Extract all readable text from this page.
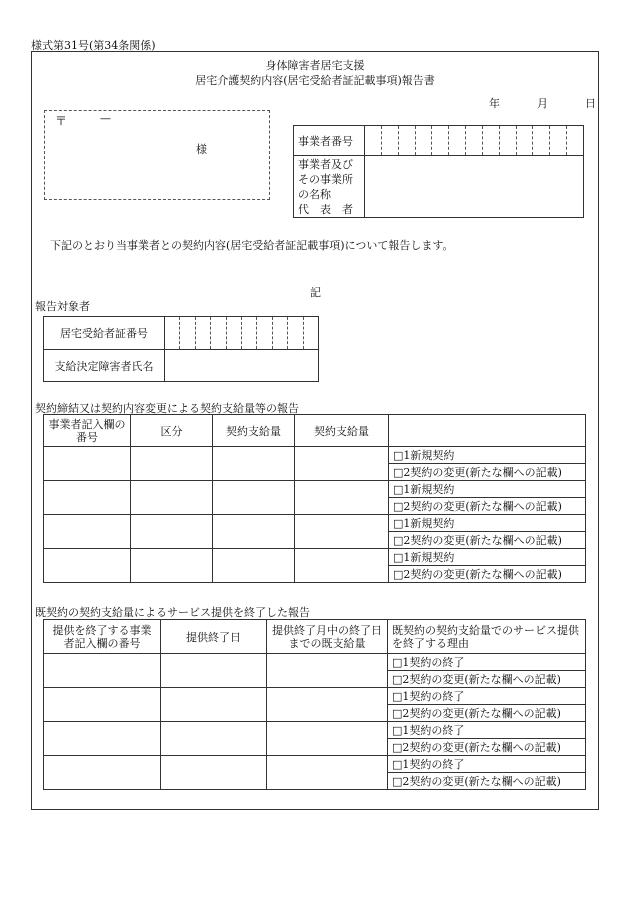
様式第31号(第34条関係)
身体障害者居宅支援
居宅介護契約内容(居宅受給者証記載事項)報告書
年	月	日
〒	—
様
事業者番号	

事業者及び
その事業所
の名称
代　表　者	

下記のとおり当事業者との契約内容(居宅受給者証記載事項)について報告します。
記
報告対象者
居宅受給者証番号	

支給決定障害者氏名	
契約締結又は契約内容変更による契約支給量等の報告
事業者記入欄の番号	区分	契約支給量	契約支給量	
				□1新規契約
				□2契約の変更(新たな欄への記載)
				□1新規契約
				□2契約の変更(新たな欄への記載)
				□1新規契約
				□2契約の変更(新たな欄への記載)
				□1新規契約
				□2契約の変更(新たな欄への記載)
既契約の契約支給量によるサービス提供を終了した報告
提供を終了する事業者記入欄の番号	提供終了日	提供終了月中の終了日までの既支給量	既契約の契約支給量でのサービス提供を終了する理由
			□1契約の終了
			□2契約の変更(新たな欄への記載)
			□1契約の終了
			□2契約の変更(新たな欄への記載)
			□1契約の終了
			□2契約の変更(新たな欄への記載)
			□1契約の終了
			□2契約の変更(新たな欄への記載)
